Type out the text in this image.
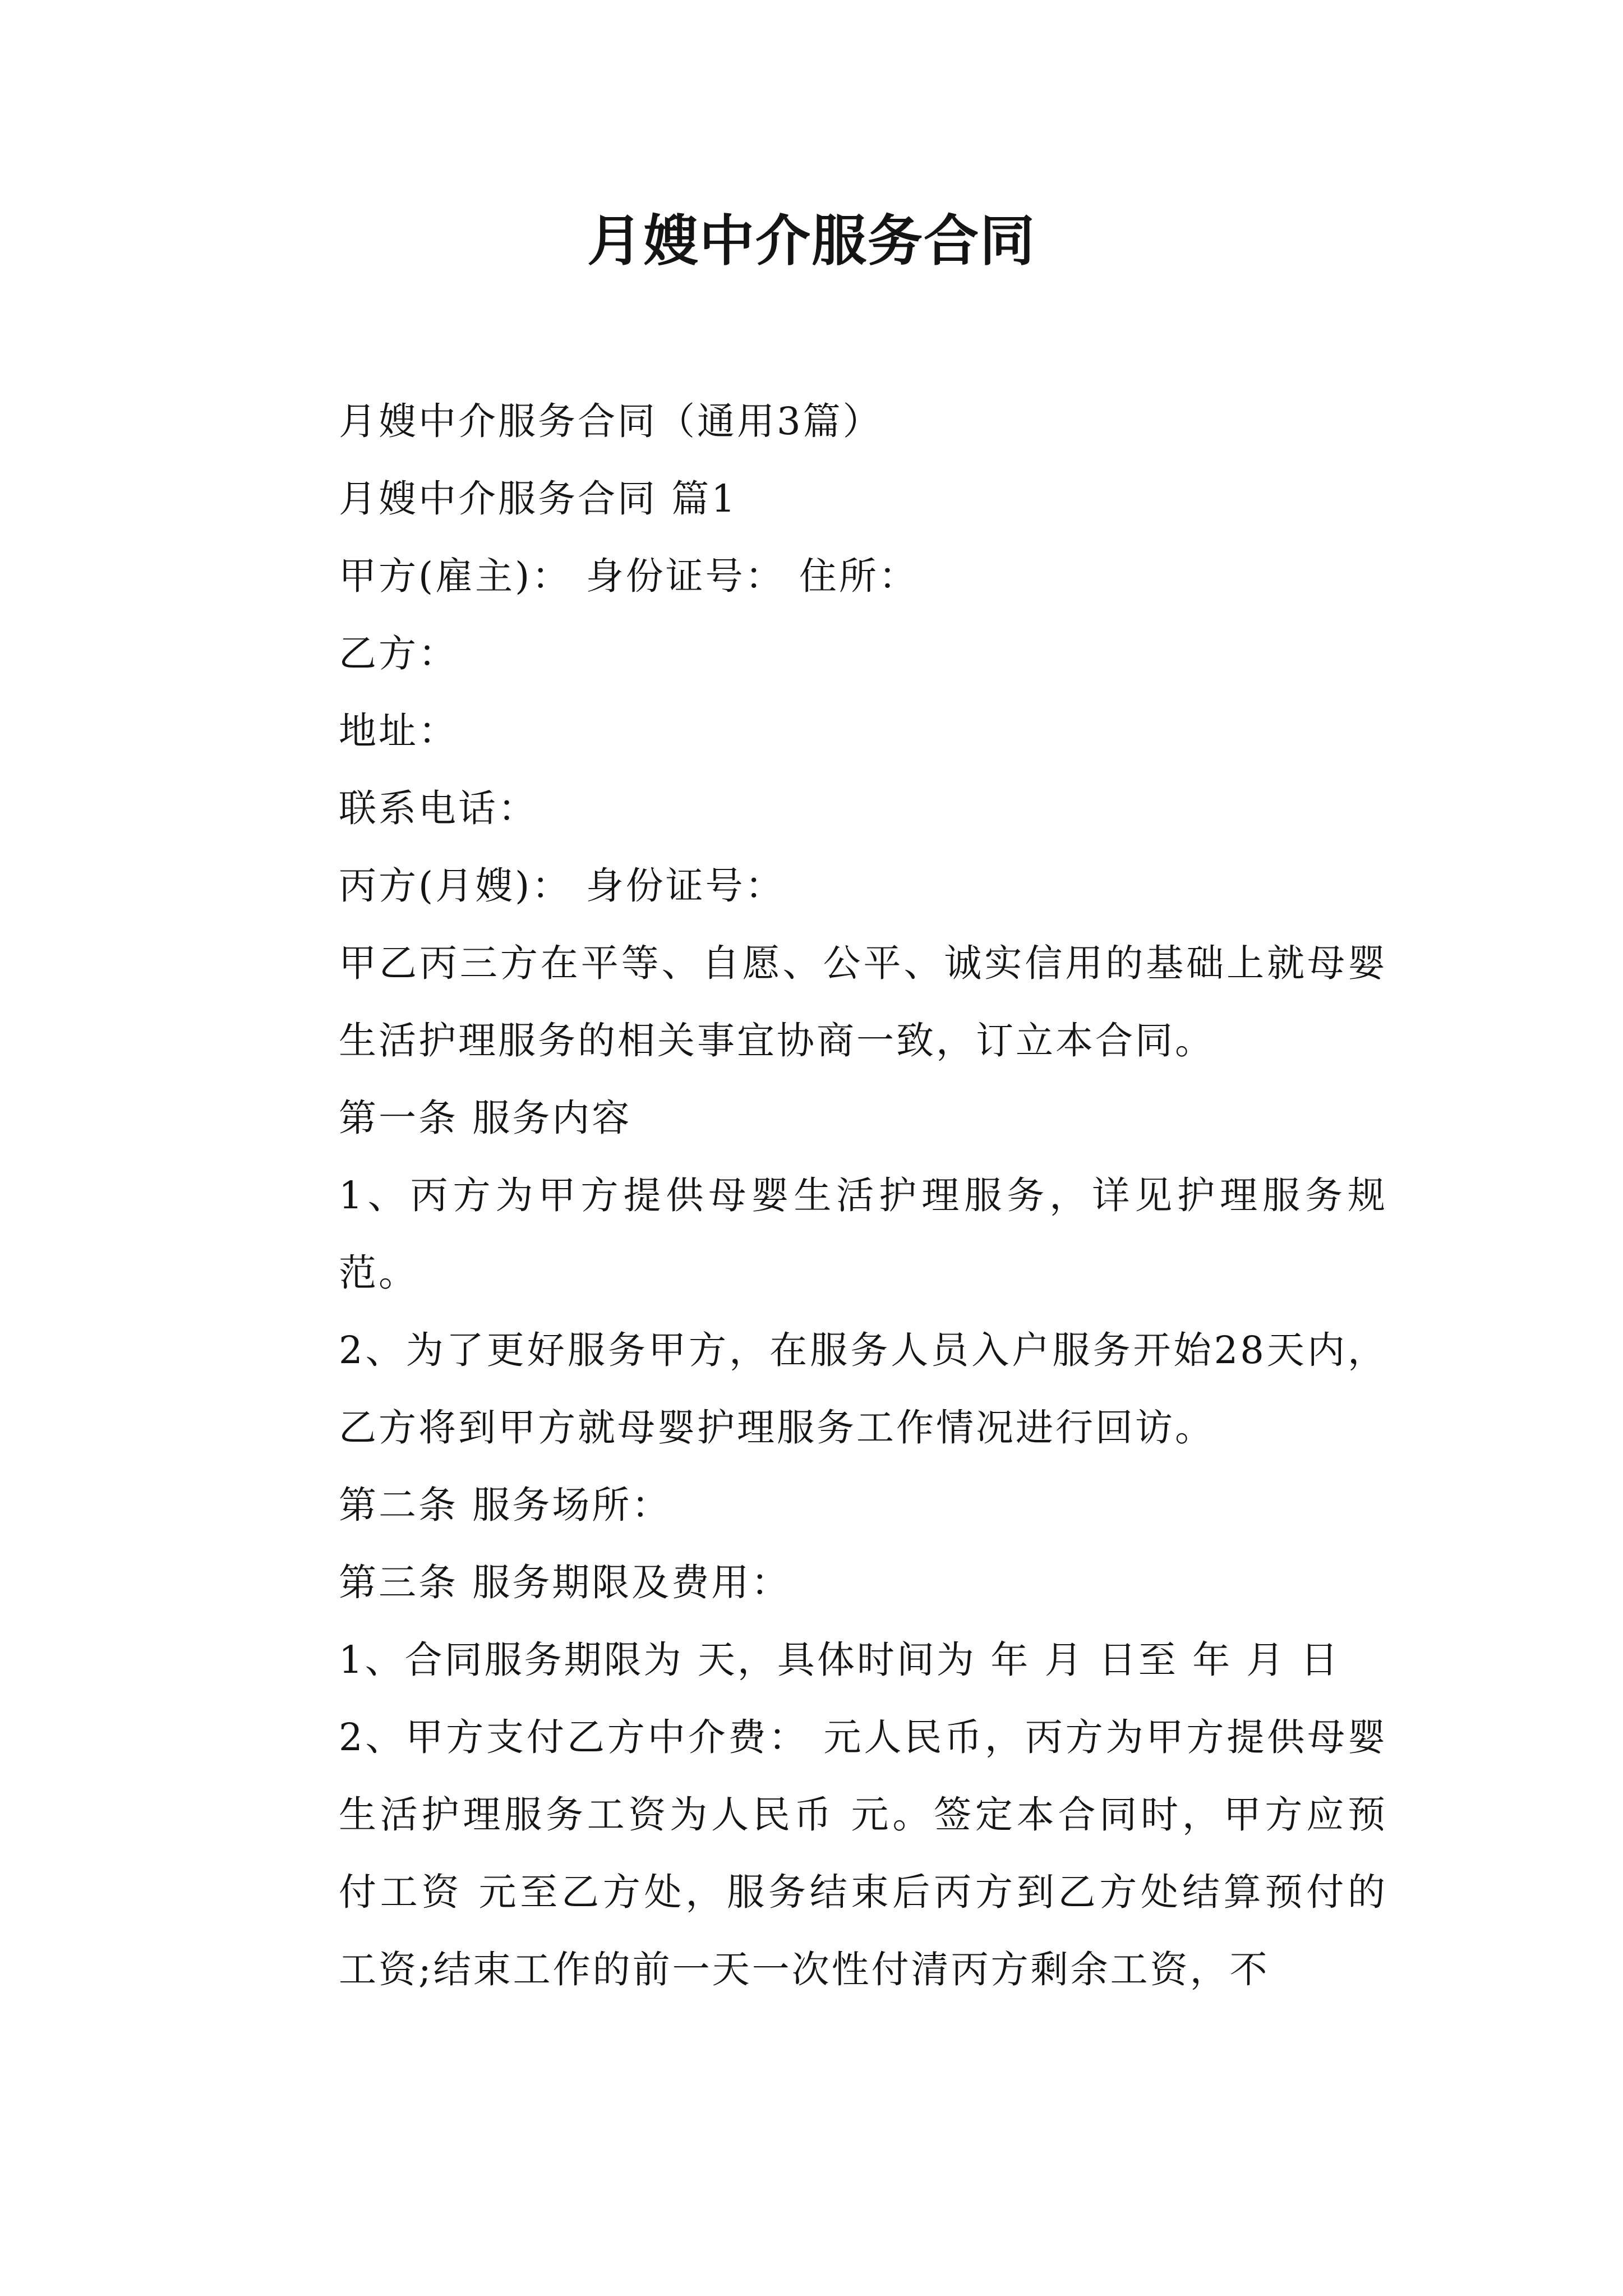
月嫂中介服务合同

月嫂中介服务合同（通用3篇）

月嫂中介服务合同 篇1

甲方(雇主)： 身份证号： 住所：

乙方：

地址：

联系电话：

丙方(月嫂)： 身份证号：

甲乙丙三方在平等、自愿、公平、诚实信用的基础上就母婴生活护理服务的相关事宜协商一致，订立本合同。

第一条 服务内容

1、丙方为甲方提供母婴生活护理服务，详见护理服务规范。

2、为了更好服务甲方，在服务人员入户服务开始28天内，乙方将到甲方就母婴护理服务工作情况进行回访。

第二条 服务场所：

第三条 服务期限及费用：

1、合同服务期限为 天，具体时间为 年 月 日至 年 月 日

2、甲方支付乙方中介费： 元人民币，丙方为甲方提供母婴生活护理服务工资为人民币 元。签定本合同时，甲方应预付工资 元至乙方处，服务结束后丙方到乙方处结算预付的工资;结束工作的前一天一次性付清丙方剩余工资，不
